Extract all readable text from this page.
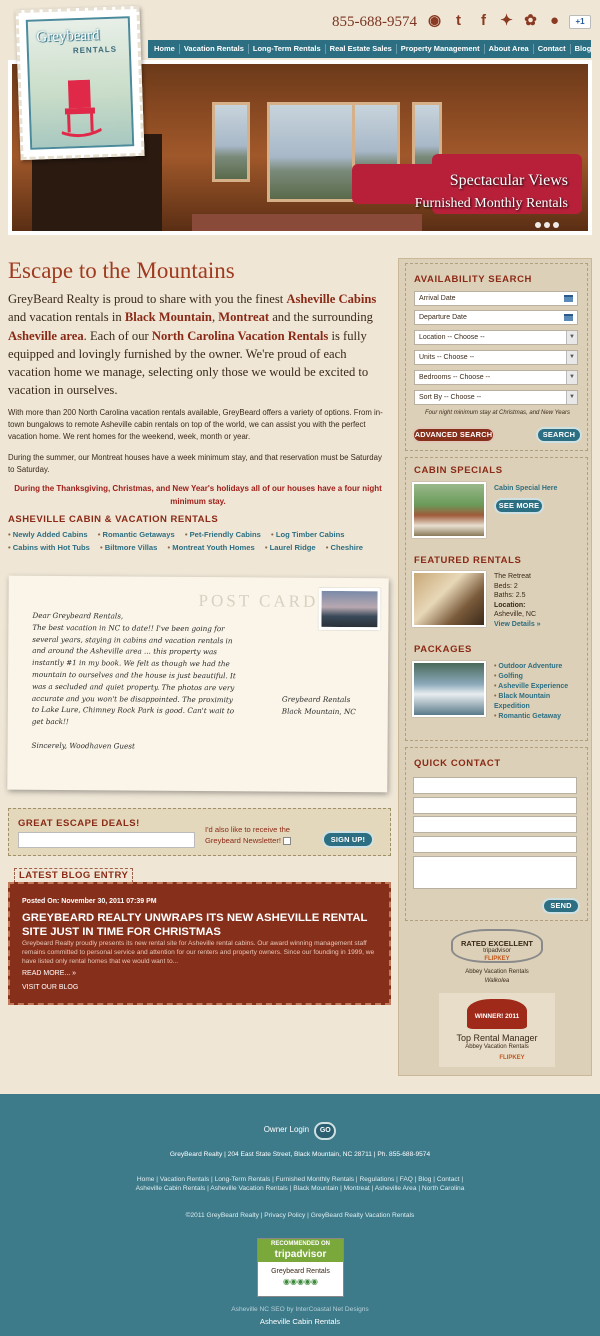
855-688-9574 ◉ t	f ✦ ✿ ●	+1
Home	Vacation Rentals	Long-Term Rentals	Real Estate Sales	Property Management	About Area	Contact	Blog
Spectacular Views
Furnished Monthly Rentals
Greybeard
RENTALS
Escape to the Mountains
GreyBeard Realty is proud to share with you the finest Asheville Cabins and vacation rentals in Black Mountain, Montreat and the surrounding Asheville area. Each of our North Carolina Vacation Rentals is fully equipped and lovingly furnished by the owner. We're proud of each vacation home we manage, selecting only those we would be excited to vacation in ourselves.
With more than 200 North Carolina vacation rentals available, GreyBeard offers a variety of options. From in-town bungalows to remote Asheville cabin rentals on top of the world, we can assist you with the perfect vacation home. We rent homes for the weekend, week, month or year.
During the summer, our Montreat houses have a week minimum stay, and that reservation must be Saturday to Saturday.
During the Thanksgiving, Christmas, and New Year's holidays all of our houses have a four night minimum stay.
ASHEVILLE CABIN & VACATION RENTALS
• Newly Added Cabins • Romantic Getaways • Pet-Friendly Cabins • Log Timber Cabins • Cabins with Hot Tubs • Biltmore Villas • Montreat Youth Homes • Laurel Ridge • Cheshire
POST CARD
Dear Greybeard Rentals,
The best vacation in NC to date!! I've been going for several years, staying in cabins and vacation rentals in and around the Asheville area ... this property was instantly #1 in my book. We felt as though we had the mountain to ourselves and the house is just beautiful. It was a secluded and quiet property. The photos are very accurate and you won't be disappointed. The proximity to Lake Lure, Chimney Rock Park is good. Can't wait to get back!!

Sincerely, Woodhaven Guest
Greybeard Rentals
Black Mountain, NC
GREAT ESCAPE DEALS!
I'd also like to receive the
Greybeard Newsletter!	SIGN UP!
LATEST BLOG ENTRY
Posted On: November 30, 2011 07:39 PM
GREYBEARD REALTY UNWRAPS ITS NEW ASHEVILLE RENTAL SITE JUST IN TIME FOR CHRISTMAS
Greybeard Realty proudly presents its new rental site for Asheville rental cabins. Our award winning management staff remains committed to personal service and attention for our renters and property owners. Since our founding in 1999, we have listed only rental homes that we would want to...
READ MORE... »
VISIT OUR BLOG
AVAILABILITY SEARCH
Arrival Date
Departure Date
Location -- Choose --	▼
Units -- Choose --	▼
Bedrooms -- Choose --	▼
Sort By -- Choose --	▼
Four night minimum stay at Christmas, and New Years
ADVANCED SEARCH	SEARCH
CABIN SPECIALS
Cabin Special Here
SEE MORE
FEATURED RENTALS
The Retreat
Beds: 2
Baths: 2.5
Location:
Asheville, NC
View Details »
PACKAGES
• Outdoor Adventure
• Golfing
• Asheville Experience
• Black Mountain Expedition
• Romantic Getaway
QUICK CONTACT
SEND
RATED EXCELLENT
tripadvisor
FLIPKEY
Abbey Vacation Rentals
Walkolea
WINNER! 2011
Top Rental Manager
Abbey Vacation Rentals
FLIPKEY
Owner Login GO
GreyBeard Realty | 204 East State Street, Black Mountain, NC 28711 | Ph. 855-688-9574
Home | Vacation Rentals | Long-Term Rentals | Furnished Monthly Rentals | Regulations | FAQ | Blog | Contact |
Asheville Cabin Rentals | Asheville Vacation Rentals | Black Mountain | Montreat | Asheville Area | North Carolina
©2011 GreyBeard Realty | Privacy Policy | GreyBeard Realty Vacation Rentals
RECOMMENDED ON
tripadvisor
Greybeard Rentals
◉◉◉◉◉
Asheville NC SEO by InterCoastal Net Designs
Asheville Cabin Rentals
